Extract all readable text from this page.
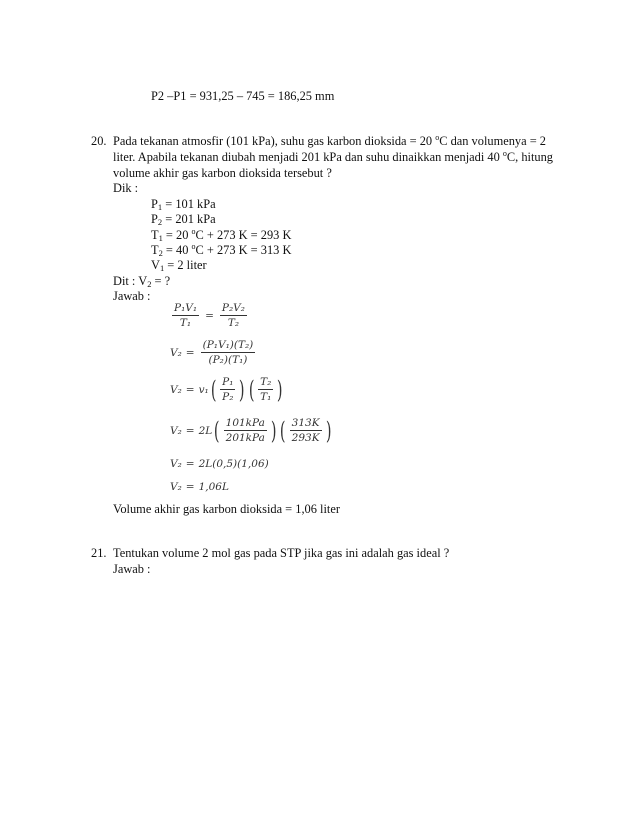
P2 –P1 = 931,25 – 745 = 186,25 mm
20. Pada tekanan atmosfir (101 kPa), suhu gas karbon dioksida = 20 $^o$C dan volumenya = 2
liter. Apabila tekanan diubah menjadi 201 kPa dan suhu dinaikkan menjadi 40 $^o$C, hitung
volume akhir gas karbon dioksida tersebut ?
Dik :
$P_1 = 101$ kPa
$P_2 = 201$ kPa
$T_1 = 20$ $^o$C + 273 K = 293 K
$T_2 = 40$ $^o$C + 273 K = 313 K
$V_1 = 2$ liter
Dit : $V_2$ = ?
Jawab :
$\frac{\text{P₁V₁}}{\text{T₁}} = \frac{\text{P₂V₂}}{\text{T₂}}$
$V_2 = \frac{\text{(P₁V₁)(T₂)}}{\text{(P₂)(T₁)}}$
V₂ = v₁ ( $\frac{\text{P₁}}{\text{P₂}}$ ) ( $\frac{\text{T₂}}{\text{T₁}}$ )
V₂ = 2L ( $\frac{\text{101kPa}}{\text{201kPa}}$ ) ( $\frac{313K}{293K}$ )
V₂ = 2L(0,5)(1,06)
V₂ = 1,06L
Volume akhir gas karbon dioksida = 1,06 liter
21. Tentukan volume 2 mol gas pada STP jika gas ini adalah gas ideal ?
Jawab :
